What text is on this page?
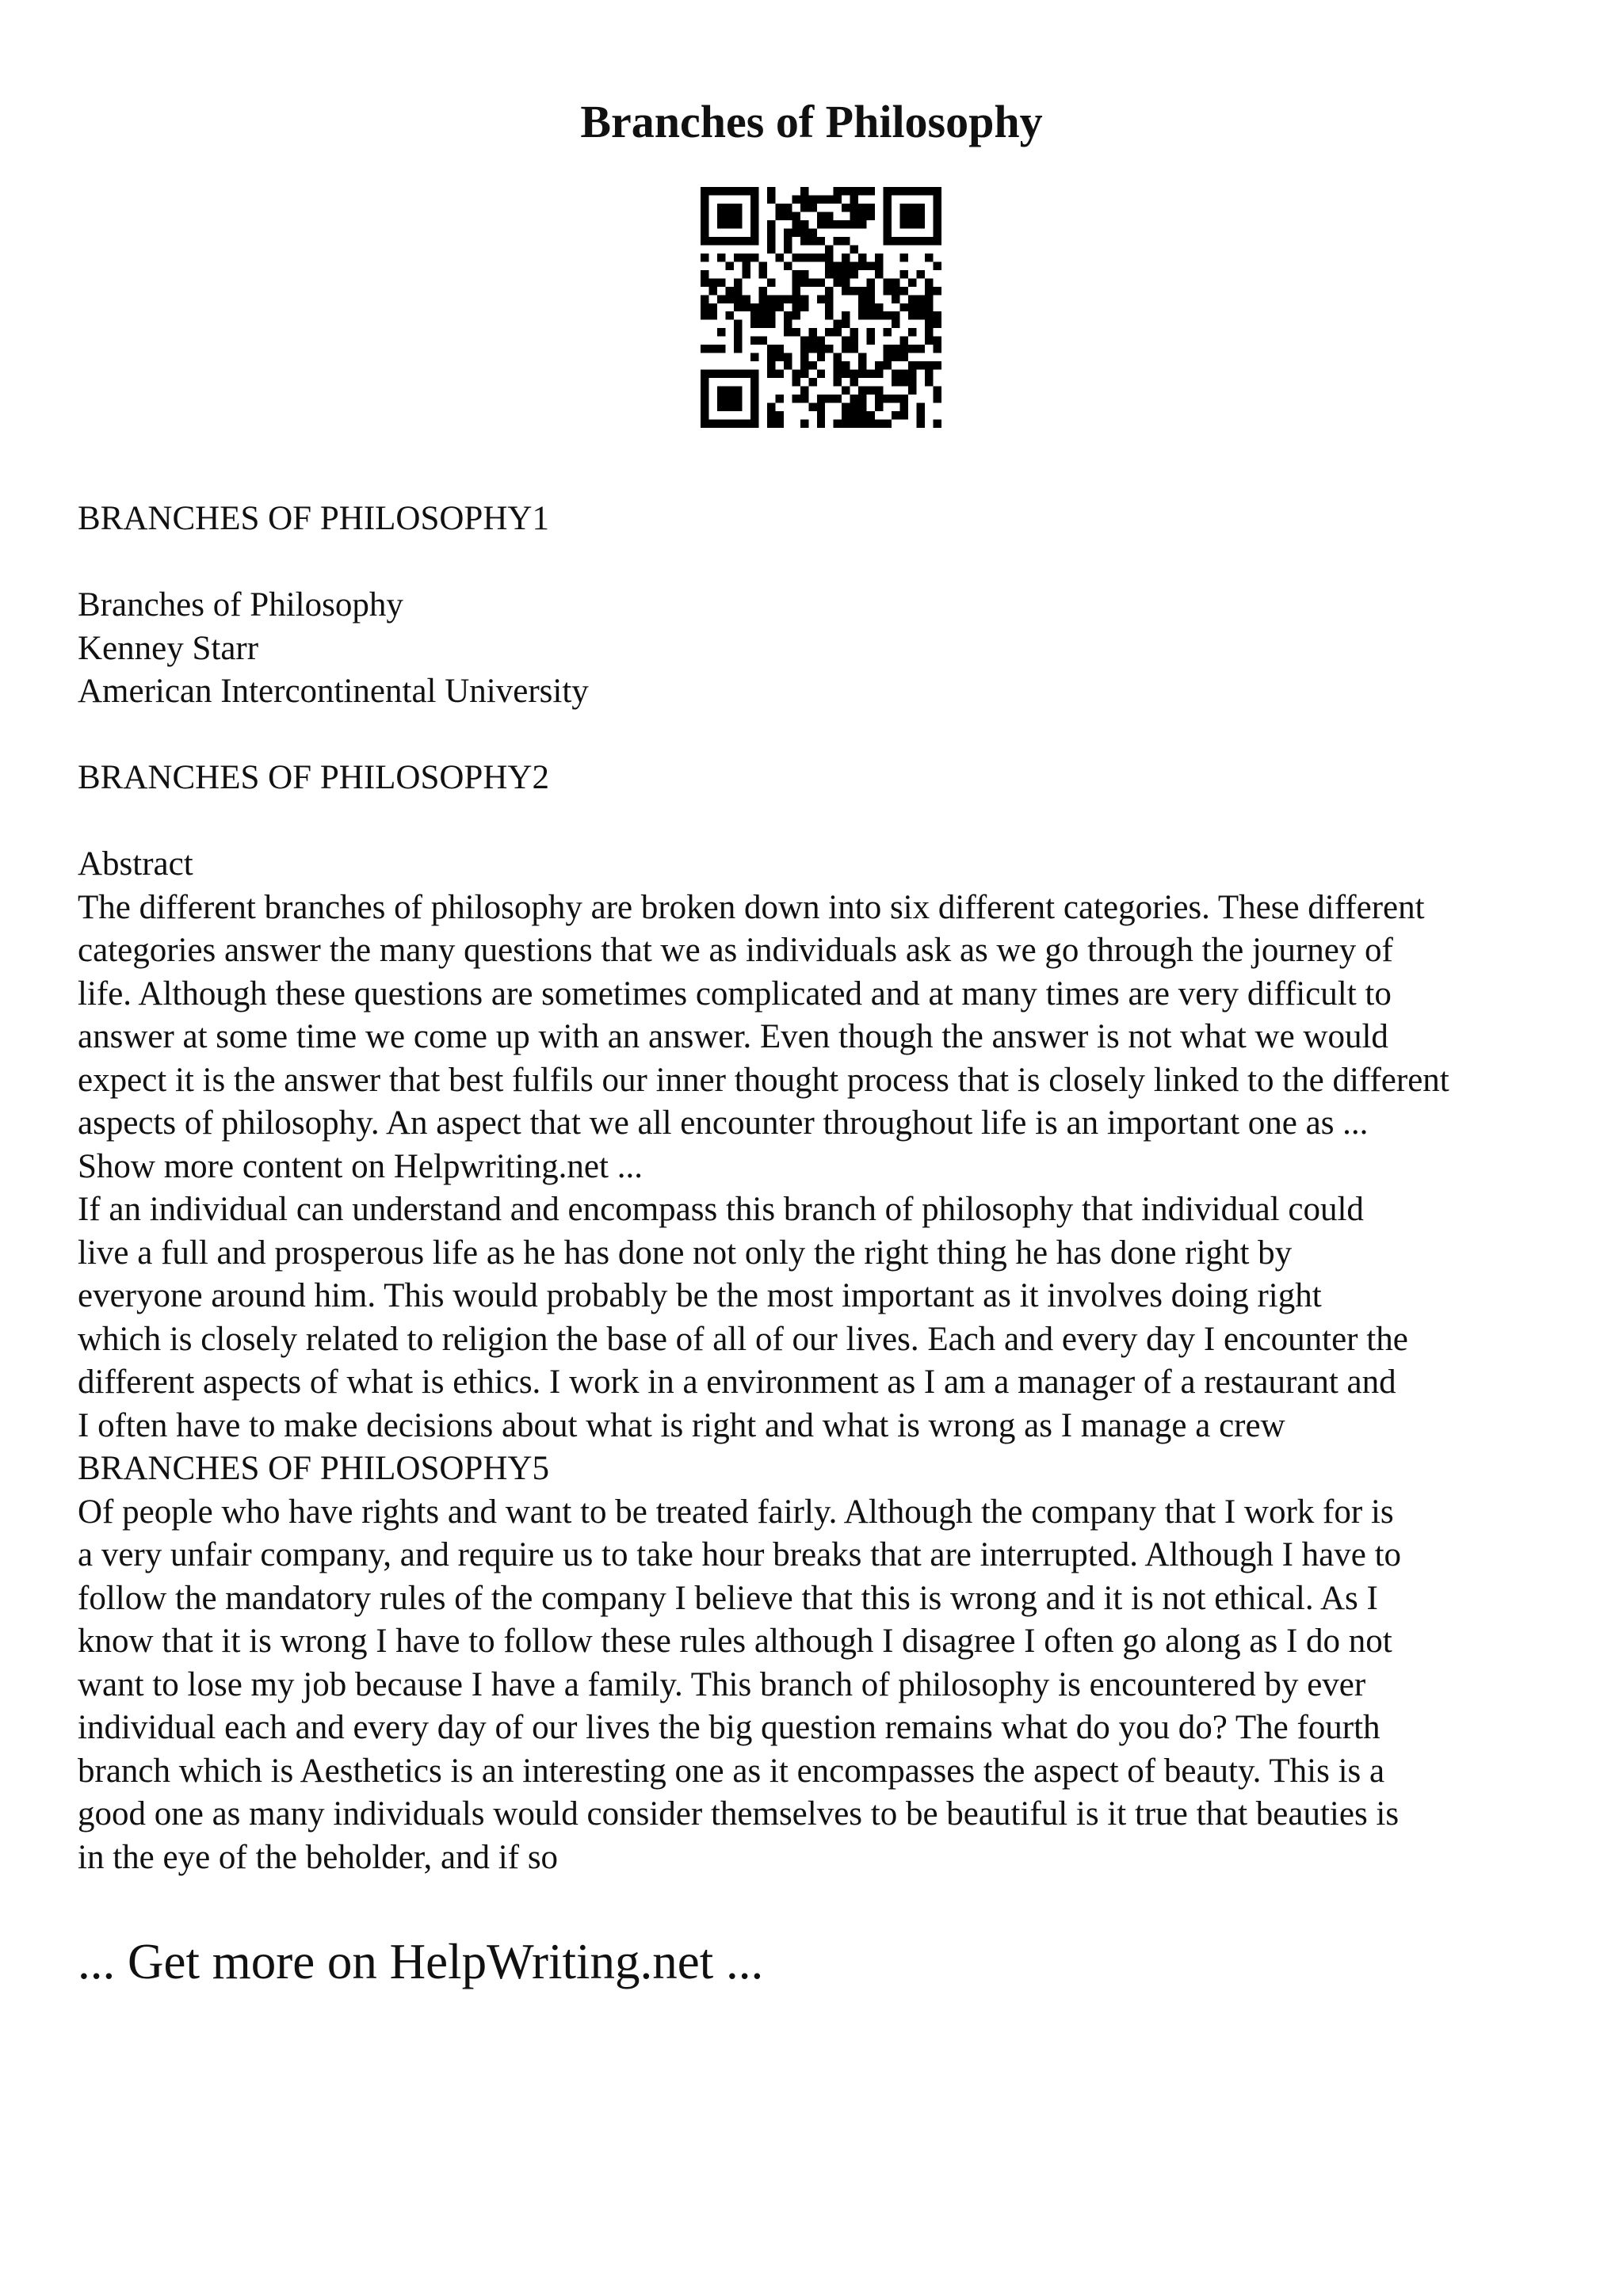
Branches of Philosophy
BRANCHES OF PHILOSOPHY1
Branches of Philosophy
Kenney Starr
American Intercontinental University
BRANCHES OF PHILOSOPHY2
Abstract
The different branches of philosophy are broken down into six different categories. These different
categories answer the many questions that we as individuals ask as we go through the journey of
life. Although these questions are sometimes complicated and at many times are very difficult to
answer at some time we come up with an answer. Even though the answer is not what we would
expect it is the answer that best fulfils our inner thought process that is closely linked to the different
aspects of philosophy. An aspect that we all encounter throughout life is an important one as ...
Show more content on Helpwriting.net ...
If an individual can understand and encompass this branch of philosophy that individual could
live a full and prosperous life as he has done not only the right thing he has done right by
everyone around him. This would probably be the most important as it involves doing right
which is closely related to religion the base of all of our lives. Each and every day I encounter the
different aspects of what is ethics. I work in a environment as I am a manager of a restaurant and
I often have to make decisions about what is right and what is wrong as I manage a crew
BRANCHES OF PHILOSOPHY5
Of people who have rights and want to be treated fairly. Although the company that I work for is
a very unfair company, and require us to take hour breaks that are interrupted. Although I have to
follow the mandatory rules of the company I believe that this is wrong and it is not ethical. As I
know that it is wrong I have to follow these rules although I disagree I often go along as I do not
want to lose my job because I have a family. This branch of philosophy is encountered by ever
individual each and every day of our lives the big question remains what do you do? The fourth
branch which is Aesthetics is an interesting one as it encompasses the aspect of beauty. This is a
good one as many individuals would consider themselves to be beautiful is it true that beauties is
in the eye of the beholder, and if so
... Get more on HelpWriting.net ...
